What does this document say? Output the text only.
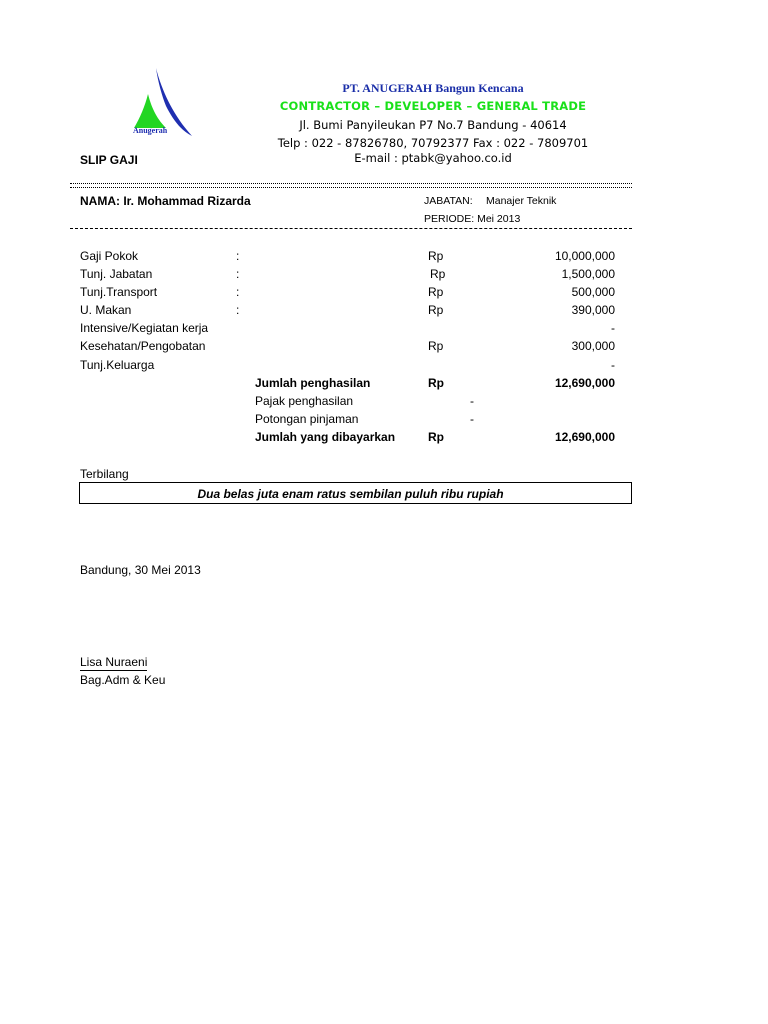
Anugerah
PT. ANUGERAH Bangun Kencana
CONTRACTOR – DEVELOPER – GENERAL TRADE
Jl. Bumi Panyileukan P7 No.7 Bandung - 40614
Telp : 022 - 87826780, 70792377 Fax : 022 - 7809701
E-mail : ptabk@yahoo.co.id
SLIP GAJI
NAMA: Ir. Mohammad Rizarda	JABATAN: Manajer Teknik
PERIODE: Mei 2013
Gaji Pokok	:	Rp	10,000,000
Tunj. Jabatan	:	Rp	1,500,000
Tunj.Transport	:	Rp	500,000
U. Makan	:	Rp	390,000
Intensive/Kegiatan kerja	-
Kesehatan/Pengobatan	Rp	300,000
Tunj.Keluarga	-
Jumlah penghasilan	Rp	12,690,000
Pajak penghasilan	-
Potongan pinjaman	-
Jumlah yang dibayarkan	Rp	12,690,000
Terbilang
Dua belas juta enam ratus sembilan puluh ribu rupiah
Bandung, 30 Mei 2013
Lisa Nuraeni
Bag.Adm & Keu
